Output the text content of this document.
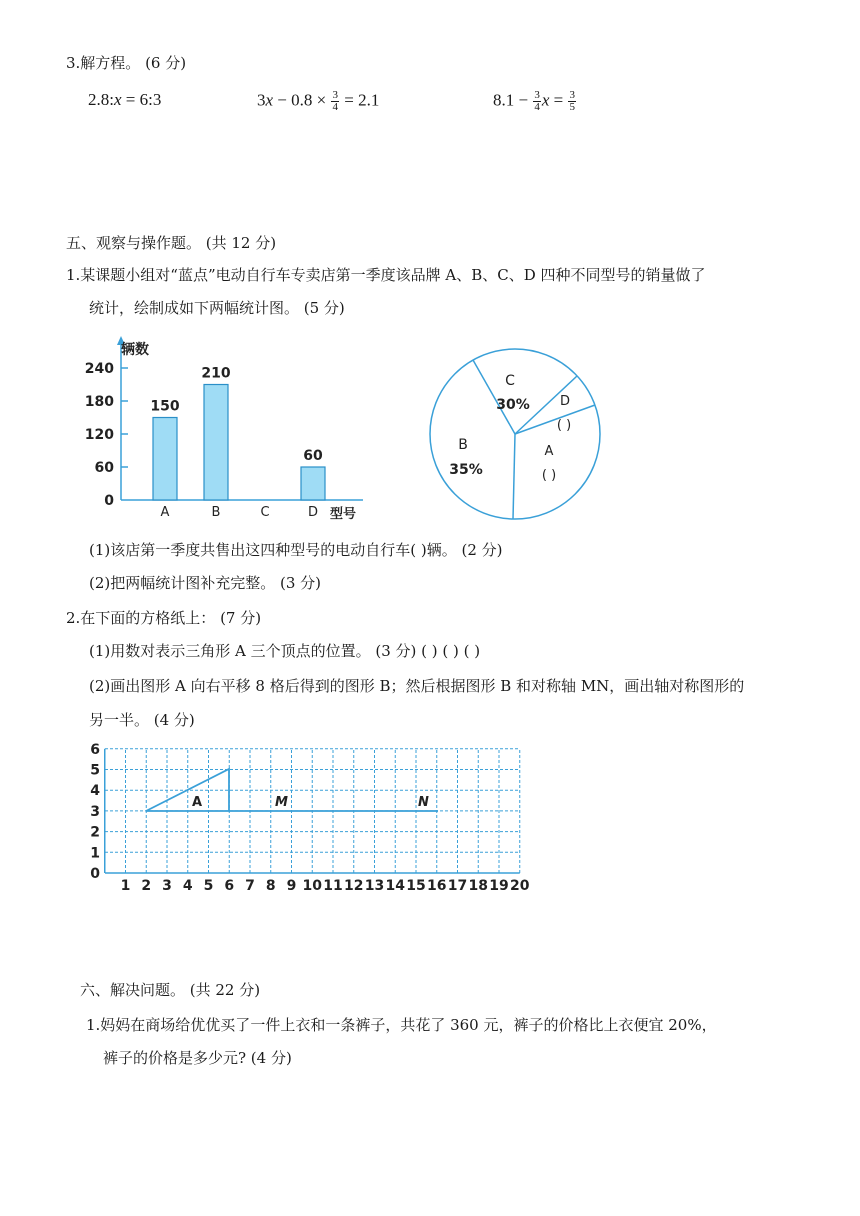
3.解方程。 (6 分)
2.8:x = 6:3	$3x - 0.8 \times \frac{3}{4} = 2.1$	$8.1 - \frac{3}{4}$ $x = \frac{3}{5}$
五、观察与操作题。 (共 12 分)
1.某课题小组对“蓝点”电动自行车专卖店第一季度该品牌 A、B、C、D 四种不同型号的销量做了
统计，绘制成如下两幅统计图。 (5 分)
辆数
型号
240
180
120
60
0
150
A
210
B	C
60
D
C
30% D
( )
B
35%
A
( )
(1)该店第一季度共售出这四种型号的电动自行车( )辆。 (2 分)
(2)把两幅统计图补充完整。 (3 分)
2.在下面的方格纸上： (7 分)
(1)用数对表示三角形 A 三个顶点的位置。 (3 分) ( ) ( ) ( )
(2)画出图形 A 向右平移 8 格后得到的图形 B；然后根据图形 B 和对称轴 MN，画出轴对称图形的
另一半。 (4 分)
6
5
4
3
2
1
0
1 2 3 4 5 6 7 8 9 10 11 12 13 14 15 16 17 18 19 20
A	M	N
六、解决问题。 (共 22 分)
1.妈妈在商场给优优买了一件上衣和一条裤子，共花了 360 元，裤子的价格比上衣便宜 20%，
裤子的价格是多少元? (4 分)
